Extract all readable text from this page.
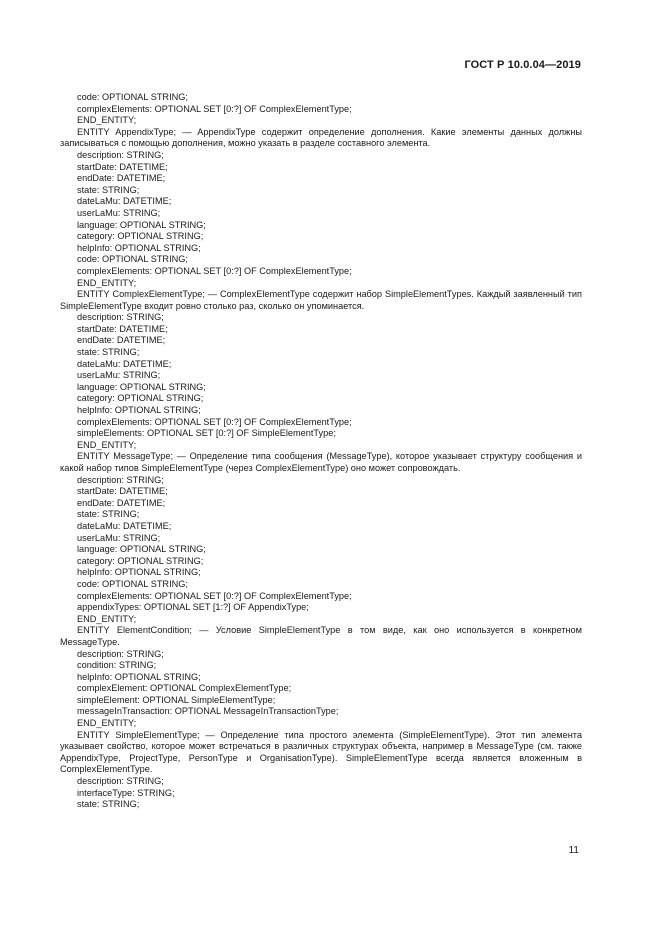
ГОСТ Р 10.0.04—2019

code: OPTIONAL STRING;

complexElements: OPTIONAL SET [0:?] OF ComplexElementType;

END_ENTITY;

ENTITY AppendixType; — AppendixType содержит определение дополнения. Какие элементы данных должны записываться с помощью дополнения, можно указать в разделе составного элемента.

description: STRING;

startDate: DATETIME;

endDate: DATETIME;

state: STRING;

dateLaMu: DATETIME;

userLaMu: STRING;

language: OPTIONAL STRING;

category: OPTIONAL STRING;

helpInfo: OPTIONAL STRING;

code: OPTIONAL STRING;

complexElements: OPTIONAL SET [0:?] OF ComplexElementType;

END_ENTITY;

ENTITY ComplexElementType; — ComplexElementType содержит набор SimpleElementTypes. Каждый заявленный тип SimpleElementType входит ровно столько раз, сколько он упоминается.

description: STRING;

startDate: DATETIME;

endDate: DATETIME;

state: STRING;

dateLaMu: DATETIME;

userLaMu: STRING;

language: OPTIONAL STRING;

category: OPTIONAL STRING;

helpInfo: OPTIONAL STRING;

complexElements: OPTIONAL SET [0:?] OF ComplexElementType;

simpleElements: OPTIONAL SET [0:?] OF SimpleElementType;

END_ENTITY;

ENTITY MessageType; — Определение типа сообщения (MessageType), которое указывает структуру сообщения и какой набор типов SimpleElementType (через ComplexElementType) оно может сопровождать.

description: STRING;

startDate: DATETIME;

endDate: DATETIME;

state: STRING;

dateLaMu: DATETIME;

userLaMu: STRING;

language: OPTIONAL STRING;

category: OPTIONAL STRING;

helpInfo: OPTIONAL STRING;

code: OPTIONAL STRING;

complexElements: OPTIONAL SET [0:?] OF ComplexElementType;

appendixTypes: OPTIONAL SET [1:?] OF AppendixType;

END_ENTITY;

ENTITY ElementCondition; — Условие SimpleElementType в том виде, как оно используется в конкретном MessageType.

description: STRING;

condition: STRING;

helpInfo: OPTIONAL STRING;

complexElement: OPTIONAL ComplexElementType;

simpleElement: OPTIONAL SimpleElementType;

messageInTransaction: OPTIONAL MessageInTransactionType;

END_ENTITY;

ENTITY SimpleElementType; — Определение типа простого элемента (SimpleElementType). Этот тип элемента указывает свойство, которое может встречаться в различных структурах объекта, например в MessageType (см. также AppendixType, ProjectType, PersonType и OrganisationType). SimpleElementType всегда является вложенным в ComplexElementType.

description: STRING;

interfaceType: STRING;

state: STRING;

11
